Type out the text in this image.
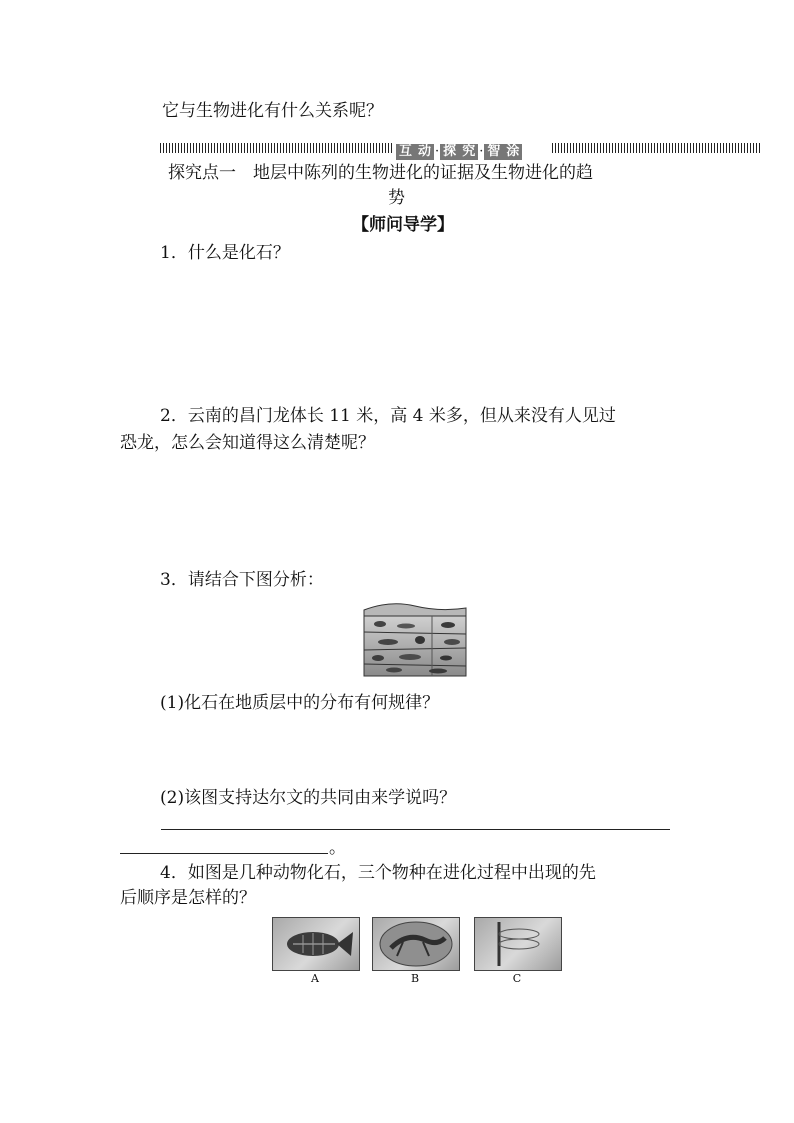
它与生物进化有什么关系呢？
互 动 · 探 究 · 智 涂
探究点一　地层中陈列的生物进化的证据及生物进化的趋
势
【师问导学】
1．什么是化石？
2．云南的昌门龙体长 11 米，高 4 米多，但从来没有人见过
恐龙，怎么会知道得这么清楚呢？
3．请结合下图分析：
(1)化石在地质层中的分布有何规律？
(2)该图支持达尔文的共同由来学说吗？
。
4．如图是几种动物化石，三个物种在进化过程中出现的先
后顺序是怎样的？
A	B	C
